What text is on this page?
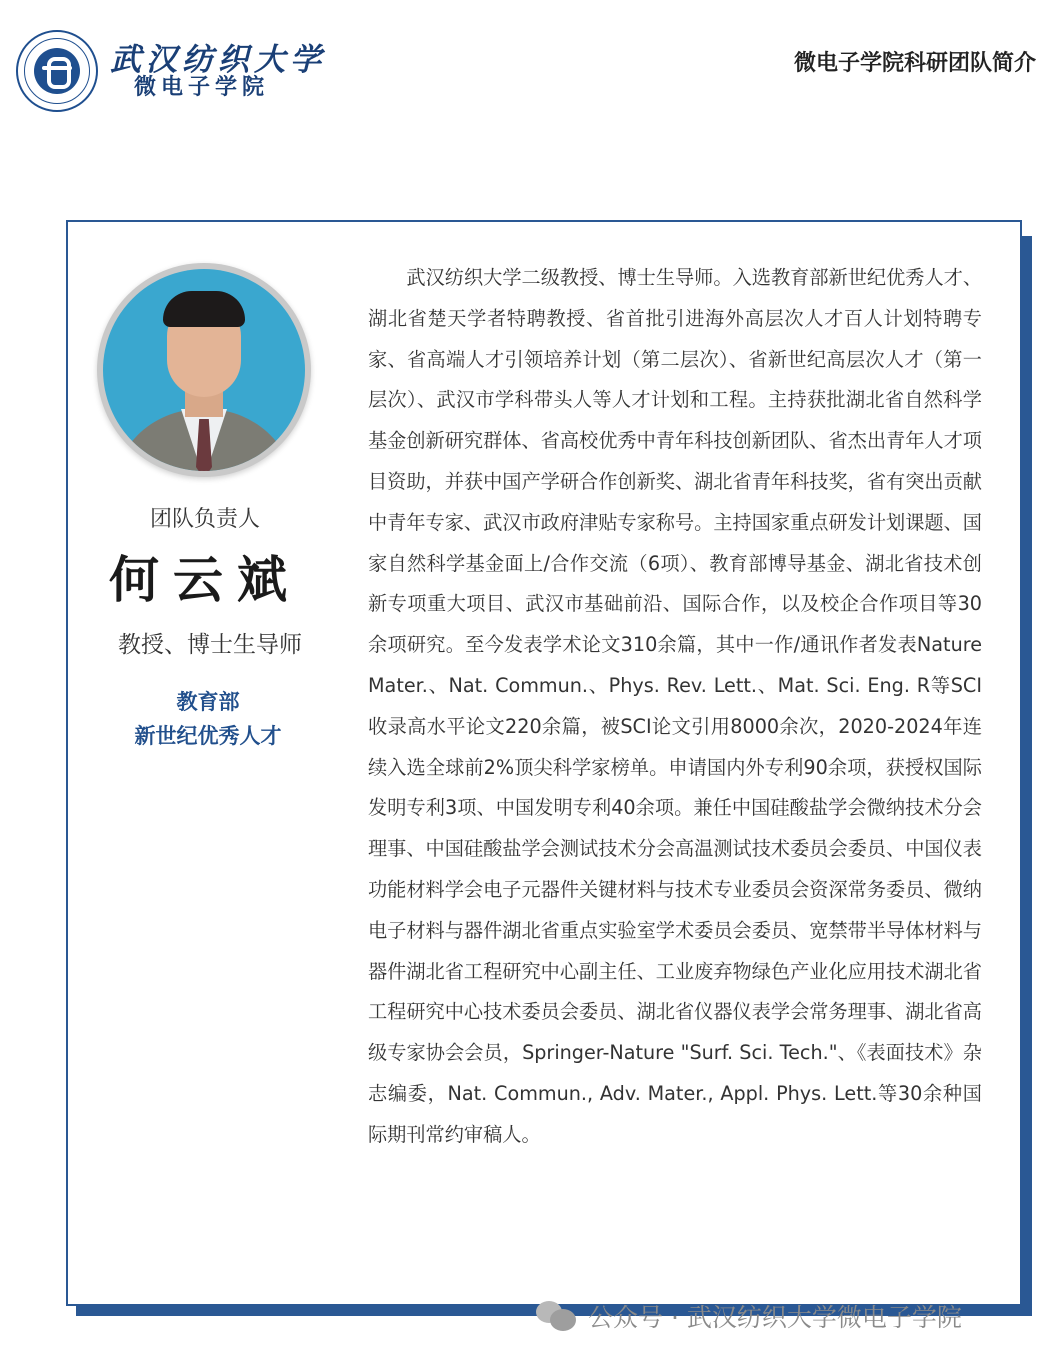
武汉纺织大学
微电子学院
微电子学院科研团队简介
团队负责人
何云斌
教授、博士生导师
教育部
新世纪优秀人才
武汉纺织大学二级教授、博士生导师。入选教育部新世纪优秀人才、湖北省楚天学者特聘教授、省首批引进海外高层次人才百人计划特聘专家、省高端人才引领培养计划（第二层次）、省新世纪高层次人才（第一层次）、武汉市学科带头人等人才计划和工程。主持获批湖北省自然科学基金创新研究群体、省高校优秀中青年科技创新团队、省杰出青年人才项目资助，并获中国产学研合作创新奖、湖北省青年科技奖，省有突出贡献中青年专家、武汉市政府津贴专家称号。主持国家重点研发计划课题、国家自然科学基金面上/合作交流（6项）、教育部博导基金、湖北省技术创新专项重大项目、武汉市基础前沿、国际合作，以及校企合作项目等30余项研究。至今发表学术论文310余篇，其中一作/通讯作者发表Nature Mater.、Nat. Commun.、Phys. Rev. Lett.、Mat. Sci. Eng. R等SCI收录高水平论文220余篇，被SCI论文引用8000余次，2020-2024年连续入选全球前2%顶尖科学家榜单。申请国内外专利90余项，获授权国际发明专利3项、中国发明专利40余项。兼任中国硅酸盐学会微纳技术分会理事、中国硅酸盐学会测试技术分会高温测试技术委员会委员、中国仪表功能材料学会电子元器件关键材料与技术专业委员会资深常务委员、微纳电子材料与器件湖北省重点实验室学术委员会委员、宽禁带半导体材料与器件湖北省工程研究中心副主任、工业废弃物绿色产业化应用技术湖北省工程研究中心技术委员会委员、湖北省仪器仪表学会常务理事、湖北省高级专家协会会员，Springer-Nature "Surf. Sci. Tech."、《表面技术》杂志编委，Nat. Commun., Adv. Mater., Appl. Phys. Lett.等30余种国际期刊常约审稿人。
公众号 · 武汉纺织大学微电子学院
